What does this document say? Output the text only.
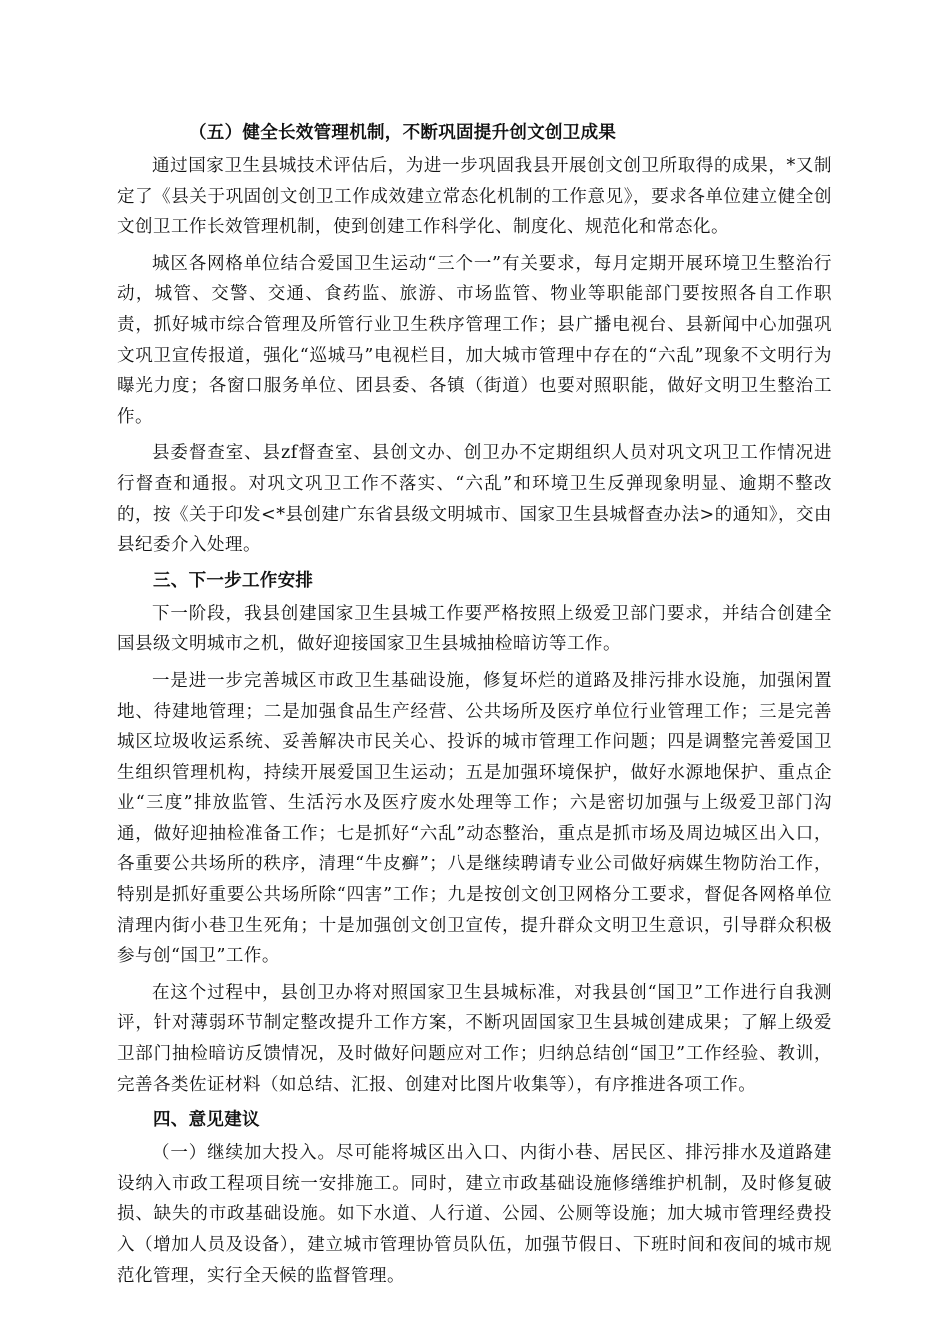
（五）健全长效管理机制，不断巩固提升创文创卫成果

通过国家卫生县城技术评估后，为进一步巩固我县开展创文创卫所取得的成果，*又制定了《县关于巩固创文创卫工作成效建立常态化机制的工作意见》，要求各单位建立健全创文创卫工作长效管理机制，使到创建工作科学化、制度化、规范化和常态化。

城区各网格单位结合爱国卫生运动“三个一”有关要求，每月定期开展环境卫生整治行动，城管、交警、交通、食药监、旅游、市场监管、物业等职能部门要按照各自工作职责，抓好城市综合管理及所管行业卫生秩序管理工作；县广播电视台、县新闻中心加强巩文巩卫宣传报道，强化“巡城马”电视栏目，加大城市管理中存在的“六乱”现象不文明行为曝光力度；各窗口服务单位、团县委、各镇（街道）也要对照职能，做好文明卫生整治工作。

县委督查室、县zf督查室、县创文办、创卫办不定期组织人员对巩文巩卫工作情况进行督查和通报。对巩文巩卫工作不落实、“六乱”和环境卫生反弹现象明显、逾期不整改的，按《关于印发<*县创建广东省县级文明城市、国家卫生县城督查办法>的通知》，交由县纪委介入处理。

三、下一步工作安排

下一阶段，我县创建国家卫生县城工作要严格按照上级爱卫部门要求，并结合创建全国县级文明城市之机，做好迎接国家卫生县城抽检暗访等工作。

一是进一步完善城区市政卫生基础设施，修复坏烂的道路及排污排水设施，加强闲置地、待建地管理；二是加强食品生产经营、公共场所及医疗单位行业管理工作；三是完善城区垃圾收运系统、妥善解决市民关心、投诉的城市管理工作问题；四是调整完善爱国卫生组织管理机构，持续开展爱国卫生运动；五是加强环境保护，做好水源地保护、重点企业“三度”排放监管、生活污水及医疗废水处理等工作；六是密切加强与上级爱卫部门沟通，做好迎抽检准备工作；七是抓好“六乱”动态整治，重点是抓市场及周边城区出入口，各重要公共场所的秩序，清理“牛皮癣”；八是继续聘请专业公司做好病媒生物防治工作，特别是抓好重要公共场所除“四害”工作；九是按创文创卫网格分工要求，督促各网格单位清理内街小巷卫生死角；十是加强创文创卫宣传，提升群众文明卫生意识，引导群众积极参与创“国卫”工作。

在这个过程中，县创卫办将对照国家卫生县城标准，对我县创“国卫”工作进行自我测评，针对薄弱环节制定整改提升工作方案，不断巩固国家卫生县城创建成果；了解上级爱卫部门抽检暗访反馈情况，及时做好问题应对工作；归纳总结创“国卫”工作经验、教训，完善各类佐证材料（如总结、汇报、创建对比图片收集等），有序推进各项工作。

四、意见建议

（一）继续加大投入。尽可能将城区出入口、内街小巷、居民区、排污排水及道路建设纳入市政工程项目统一安排施工。同时，建立市政基础设施修缮维护机制，及时修复破损、缺失的市政基础设施。如下水道、人行道、公园、公厕等设施；加大城市管理经费投入（增加人员及设备），建立城市管理协管员队伍，加强节假日、下班时间和夜间的城市规范化管理，实行全天候的监督管理。
